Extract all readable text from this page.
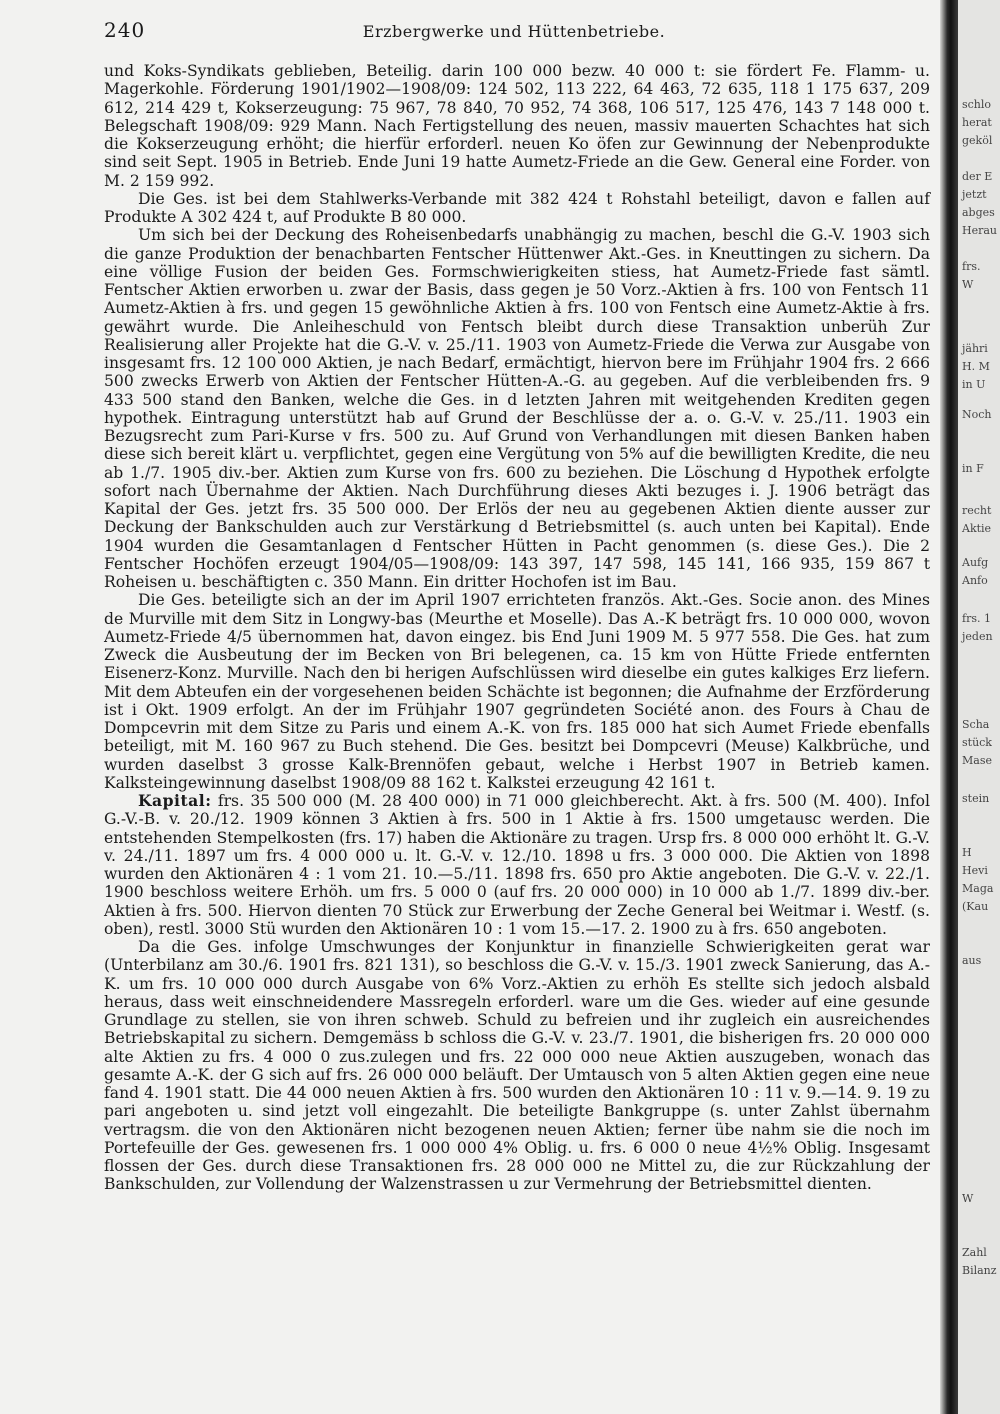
240	Erzbergwerke und Hüttenbetriebe.

und Koks-Syndikats geblieben, Beteilig. darin 100 000 bezw. 40 000 t: sie fördert Fe. Flamm- u. Magerkohle. Förderung 1901/1902—1908/09: 124 502, 113 222, 64 463, 72 635, 118 1 175 637, 209 612, 214 429 t, Kokserzeugung: 75 967, 78 840, 70 952, 74 368, 106 517, 125 476, 143 7 148 000 t. Belegschaft 1908/09: 929 Mann. Nach Fertigstellung des neuen, massiv mauerten Schachtes hat sich die Kokserzeugung erhöht; die hierfür erforderl. neuen Ko öfen zur Gewinnung der Nebenprodukte sind seit Sept. 1905 in Betrieb. Ende Juni 19 hatte Aumetz-Friede an die Gew. General eine Forder. von M. 2 159 992.

Die Ges. ist bei dem Stahlwerks-Verbande mit 382 424 t Rohstahl beteiligt, davon e fallen auf Produkte A 302 424 t, auf Produkte B 80 000.

Um sich bei der Deckung des Roheisenbedarfs unabhängig zu machen, beschl die G.-V. 1903 sich die ganze Produktion der benachbarten Fentscher Hüttenwer Akt.-Ges. in Kneuttingen zu sichern. Da eine völlige Fusion der beiden Ges. Formschwierigkeiten stiess, hat Aumetz-Friede fast sämtl. Fentscher Aktien erworben u. zwar der Basis, dass gegen je 50 Vorz.-Aktien à frs. 100 von Fentsch 11 Aumetz-Aktien à frs. und gegen 15 gewöhnliche Aktien à frs. 100 von Fentsch eine Aumetz-Aktie à frs. gewährt wurde. Die Anleiheschuld von Fentsch bleibt durch diese Transaktion unberüh Zur Realisierung aller Projekte hat die G.-V. v. 25./11. 1903 von Aumetz-Friede die Verwa zur Ausgabe von insgesamt frs. 12 100 000 Aktien, je nach Bedarf, ermächtigt, hiervon bere im Frühjahr 1904 frs. 2 666 500 zwecks Erwerb von Aktien der Fentscher Hütten-A.-G. au gegeben. Auf die verbleibenden frs. 9 433 500 stand den Banken, welche die Ges. in d letzten Jahren mit weitgehenden Krediten gegen hypothek. Eintragung unterstützt hab auf Grund der Beschlüsse der a. o. G.-V. v. 25./11. 1903 ein Bezugsrecht zum Pari-Kurse v frs. 500 zu. Auf Grund von Verhandlungen mit diesen Banken haben diese sich bereit klärt u. verpflichtet, gegen eine Vergütung von 5% auf die bewilligten Kredite, die neu ab 1./7. 1905 div.-ber. Aktien zum Kurse von frs. 600 zu beziehen. Die Löschung d Hypothek erfolgte sofort nach Übernahme der Aktien. Nach Durchführung dieses Akti bezuges i. J. 1906 beträgt das Kapital der Ges. jetzt frs. 35 500 000. Der Erlös der neu au gegebenen Aktien diente ausser zur Deckung der Bankschulden auch zur Verstärkung d Betriebsmittel (s. auch unten bei Kapital). Ende 1904 wurden die Gesamtanlagen d Fentscher Hütten in Pacht genommen (s. diese Ges.). Die 2 Fentscher Hochöfen erzeugt 1904/05—1908/09: 143 397, 147 598, 145 141, 166 935, 159 867 t Roheisen u. beschäftigten c. 350 Mann. Ein dritter Hochofen ist im Bau.

Die Ges. beteiligte sich an der im April 1907 errichteten französ. Akt.-Ges. Socie anon. des Mines de Murville mit dem Sitz in Longwy-bas (Meurthe et Moselle). Das A.-K beträgt frs. 10 000 000, wovon Aumetz-Friede 4/5 übernommen hat, davon eingez. bis End Juni 1909 M. 5 977 558. Die Ges. hat zum Zweck die Ausbeutung der im Becken von Bri belegenen, ca. 15 km von Hütte Friede entfernten Eisenerz-Konz. Murville. Nach den bi herigen Aufschlüssen wird dieselbe ein gutes kalkiges Erz liefern. Mit dem Abteufen ein der vorgesehenen beiden Schächte ist begonnen; die Aufnahme der Erzförderung ist i Okt. 1909 erfolgt. An der im Frühjahr 1907 gegründeten Société anon. des Fours à Chau de Dompcevrin mit dem Sitze zu Paris und einem A.-K. von frs. 185 000 hat sich Aumet Friede ebenfalls beteiligt, mit M. 160 967 zu Buch stehend. Die Ges. besitzt bei Dompcevri (Meuse) Kalkbrüche, und wurden daselbst 3 grosse Kalk-Brennöfen gebaut, welche i Herbst 1907 in Betrieb kamen. Kalksteingewinnung daselbst 1908/09 88 162 t. Kalkstei erzeugung 42 161 t.

Kapital: frs. 35 500 000 (M. 28 400 000) in 71 000 gleichberecht. Akt. à frs. 500 (M. 400). Infol G.-V.-B. v. 20./12. 1909 können 3 Aktien à frs. 500 in 1 Aktie à frs. 1500 umgetausc werden. Die entstehenden Stempelkosten (frs. 17) haben die Aktionäre zu tragen. Ursp frs. 8 000 000 erhöht lt. G.-V. v. 24./11. 1897 um frs. 4 000 000 u. lt. G.-V. v. 12./10. 1898 u frs. 3 000 000. Die Aktien von 1898 wurden den Aktionären 4 : 1 vom 21. 10.—5./11. 1898 frs. 650 pro Aktie angeboten. Die G.-V. v. 22./1. 1900 beschloss weitere Erhöh. um frs. 5 000 0 (auf frs. 20 000 000) in 10 000 ab 1./7. 1899 div.-ber. Aktien à frs. 500. Hiervon dienten 70 Stück zur Erwerbung der Zeche General bei Weitmar i. Westf. (s. oben), restl. 3000 Stü wurden den Aktionären 10 : 1 vom 15.—17. 2. 1900 zu à frs. 650 angeboten.

Da die Ges. infolge Umschwunges der Konjunktur in finanzielle Schwierigkeiten gerat war (Unterbilanz am 30./6. 1901 frs. 821 131), so beschloss die G.-V. v. 15./3. 1901 zweck Sanierung, das A.-K. um frs. 10 000 000 durch Ausgabe von 6% Vorz.-Aktien zu erhöh Es stellte sich jedoch alsbald heraus, dass weit einschneidendere Massregeln erforderl. ware um die Ges. wieder auf eine gesunde Grundlage zu stellen, sie von ihren schweb. Schuld zu befreien und ihr zugleich ein ausreichendes Betriebskapital zu sichern. Demgemäss b schloss die G.-V. v. 23./7. 1901, die bisherigen frs. 20 000 000 alte Aktien zu frs. 4 000 0 zus.zulegen und frs. 22 000 000 neue Aktien auszugeben, wonach das gesamte A.-K. der G sich auf frs. 26 000 000 beläuft. Der Umtausch von 5 alten Aktien gegen eine neue fand 4. 1901 statt. Die 44 000 neuen Aktien à frs. 500 wurden den Aktionären 10 : 11 v. 9.—14. 9. 19 zu pari angeboten u. sind jetzt voll eingezahlt. Die beteiligte Bankgruppe (s. unter Zahlst übernahm vertragsm. die von den Aktionären nicht bezogenen neuen Aktien; ferner übe nahm sie die noch im Portefeuille der Ges. gewesenen frs. 1 000 000 4% Oblig. u. frs. 6 000 0 neue 4½% Oblig. Insgesamt flossen der Ges. durch diese Transaktionen frs. 28 000 000 ne Mittel zu, die zur Rückzahlung der Bankschulden, zur Vollendung der Walzenstrassen u zur Vermehrung der Betriebsmittel dienten.

schlo
herat
geköl
der E
jetzt
abges
Herau
frs.
W
jähri
H. M
in U
Noch
in F
recht
Aktie
Aufg
Anfo
frs. 1
jeden
Scha
stück
Mase
stein
H
Hevi
Maga
(Kau
aus
W
Zahl
Bilanz
